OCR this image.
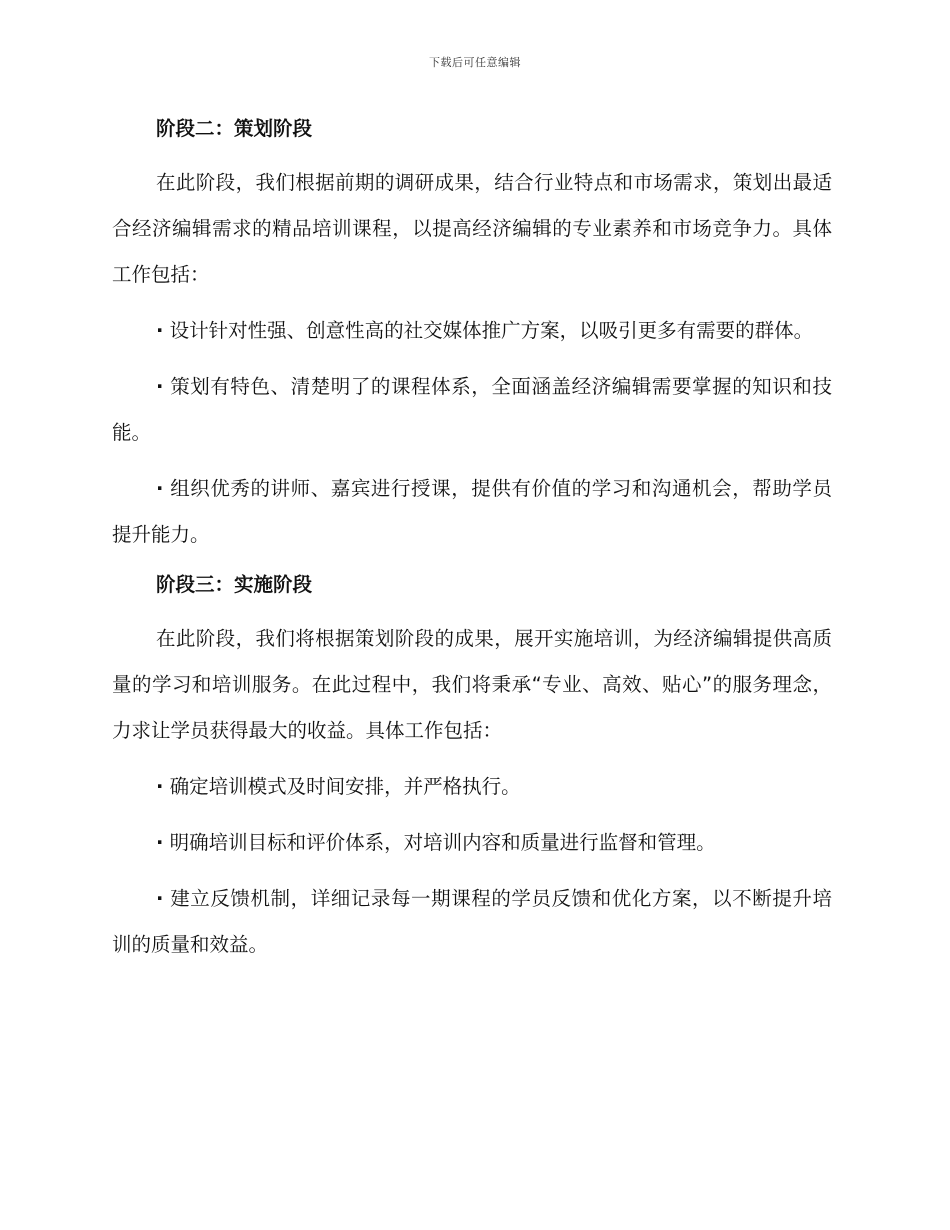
下载后可任意编辑
阶段二：策划阶段

在此阶段，我们根据前期的调研成果，结合行业特点和市场需求，策划出最适合经济编辑需求的精品培训课程，以提高经济编辑的专业素养和市场竞争力。具体工作包括：

· 设计针对性强、创意性高的社交媒体推广方案，以吸引更多有需要的群体。

· 策划有特色、清楚明了的课程体系，全面涵盖经济编辑需要掌握的知识和技能。

· 组织优秀的讲师、嘉宾进行授课，提供有价值的学习和沟通机会，帮助学员提升能力。

阶段三：实施阶段

在此阶段，我们将根据策划阶段的成果，展开实施培训，为经济编辑提供高质量的学习和培训服务。在此过程中，我们将秉承“专业、高效、贴心”的服务理念，力求让学员获得最大的收益。具体工作包括：

· 确定培训模式及时间安排，并严格执行。

· 明确培训目标和评价体系，对培训内容和质量进行监督和管理。

· 建立反馈机制，详细记录每一期课程的学员反馈和优化方案，以不断提升培训的质量和效益。
